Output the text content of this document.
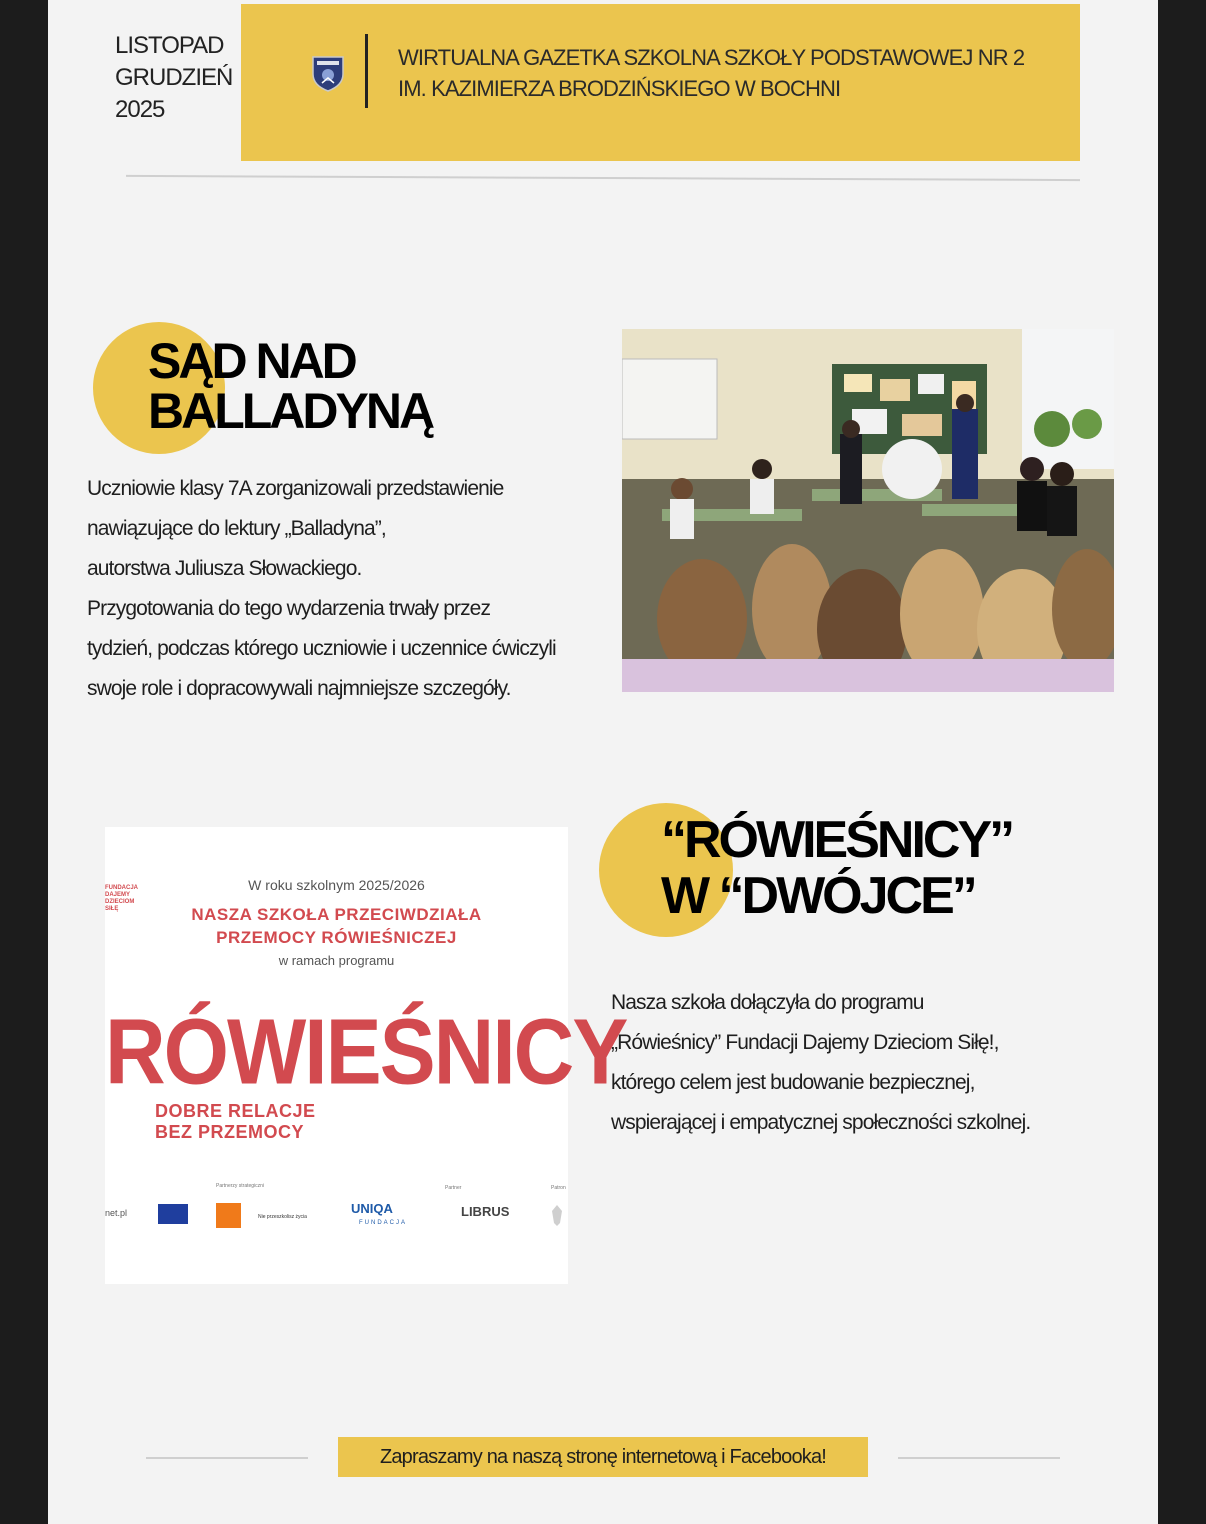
LISTOPAD
GRUDZIEŃ
2025
WIRTUALNA GAZETKA SZKOLNA SZKOŁY PODSTAWOWEJ NR 2
IM. KAZIMIERZA BRODZIŃSKIEGO W BOCHNI
SĄD NAD
BALLADYNĄ
Uczniowie klasy 7A zorganizowali przedstawienie
nawiązujące do lektury „Balladyna”,
autorstwa Juliusza Słowackiego.
Przygotowania do tego wydarzenia trwały przez
tydzień, podczas którego uczniowie i uczennice ćwiczyli
swoje role i dopracowywali najmniejsze szczegóły.
FUNDACJA
DAJEMY
DZIECIOM
SIŁĘ
W roku szkolnym 2025/2026
NASZA SZKOŁA PRZECIWDZIAŁA
PRZEMOCY RÓWIEŚNICZEJ
w ramach programu
RÓWIEŚNICY
DOBRE RELACJE
BEZ PRZEMOCY
Partnerzy strategiczni	Partner	Patron
net.pl	Nie przeszkolisz życia
UNIQA
FUNDACJA
LIBRUS
“RÓWIEŚNICY”
W “DWÓJCE”
Nasza szkoła dołączyła do programu
„Rówieśnicy” Fundacji Dajemy Dzieciom Siłę!,
którego celem jest budowanie bezpiecznej,
wspierającej i empatycznej społeczności szkolnej.
Zapraszamy na naszą stronę internetową i Facebooka!
